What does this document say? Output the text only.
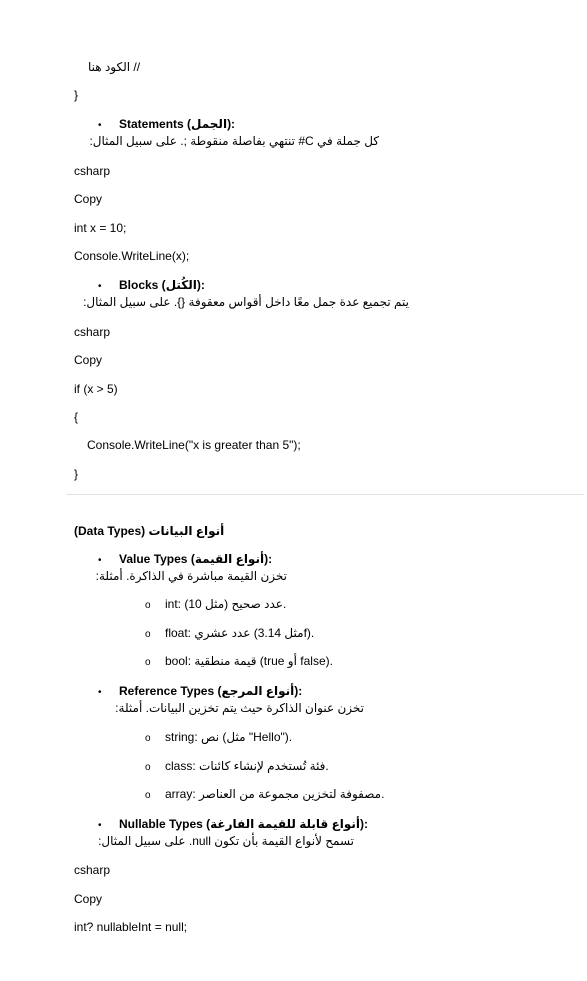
// الكود هنا
}
• Statements (الجمل):
كل جملة في C# تنتهي بفاصلة منقوطة ;. على سبيل المثال:
csharp
Copy
int x = 10;
Console.WriteLine(x);
• Blocks (الكُتل):
يتم تجميع عدة جمل معًا داخل أقواس معقوفة {}. على سبيل المثال:
csharp
Copy
if (x > 5)
{
Console.WriteLine("x is greater than 5");
}
أنواع البيانات (Data Types)
• Value Types (أنواع القيمة):
تخزن القيمة مباشرة في الذاكرة. أمثلة:
o int: عدد صحيح (مثل 10).
o float: عدد عشري (مثل 3.14f).
o bool: قيمة منطقية (true أو false).
• Reference Types (أنواع المرجع):
تخزن عنوان الذاكرة حيث يتم تخزين البيانات. أمثلة:
o string: نص (مثل "Hello").
o class: فئة تُستخدم لإنشاء كائنات.
o array: مصفوفة لتخزين مجموعة من العناصر.
• Nullable Types (أنواع قابلة للقيمة الفارغة):
تسمح لأنواع القيمة بأن تكون null. على سبيل المثال:
csharp
Copy
int? nullableInt = null;
